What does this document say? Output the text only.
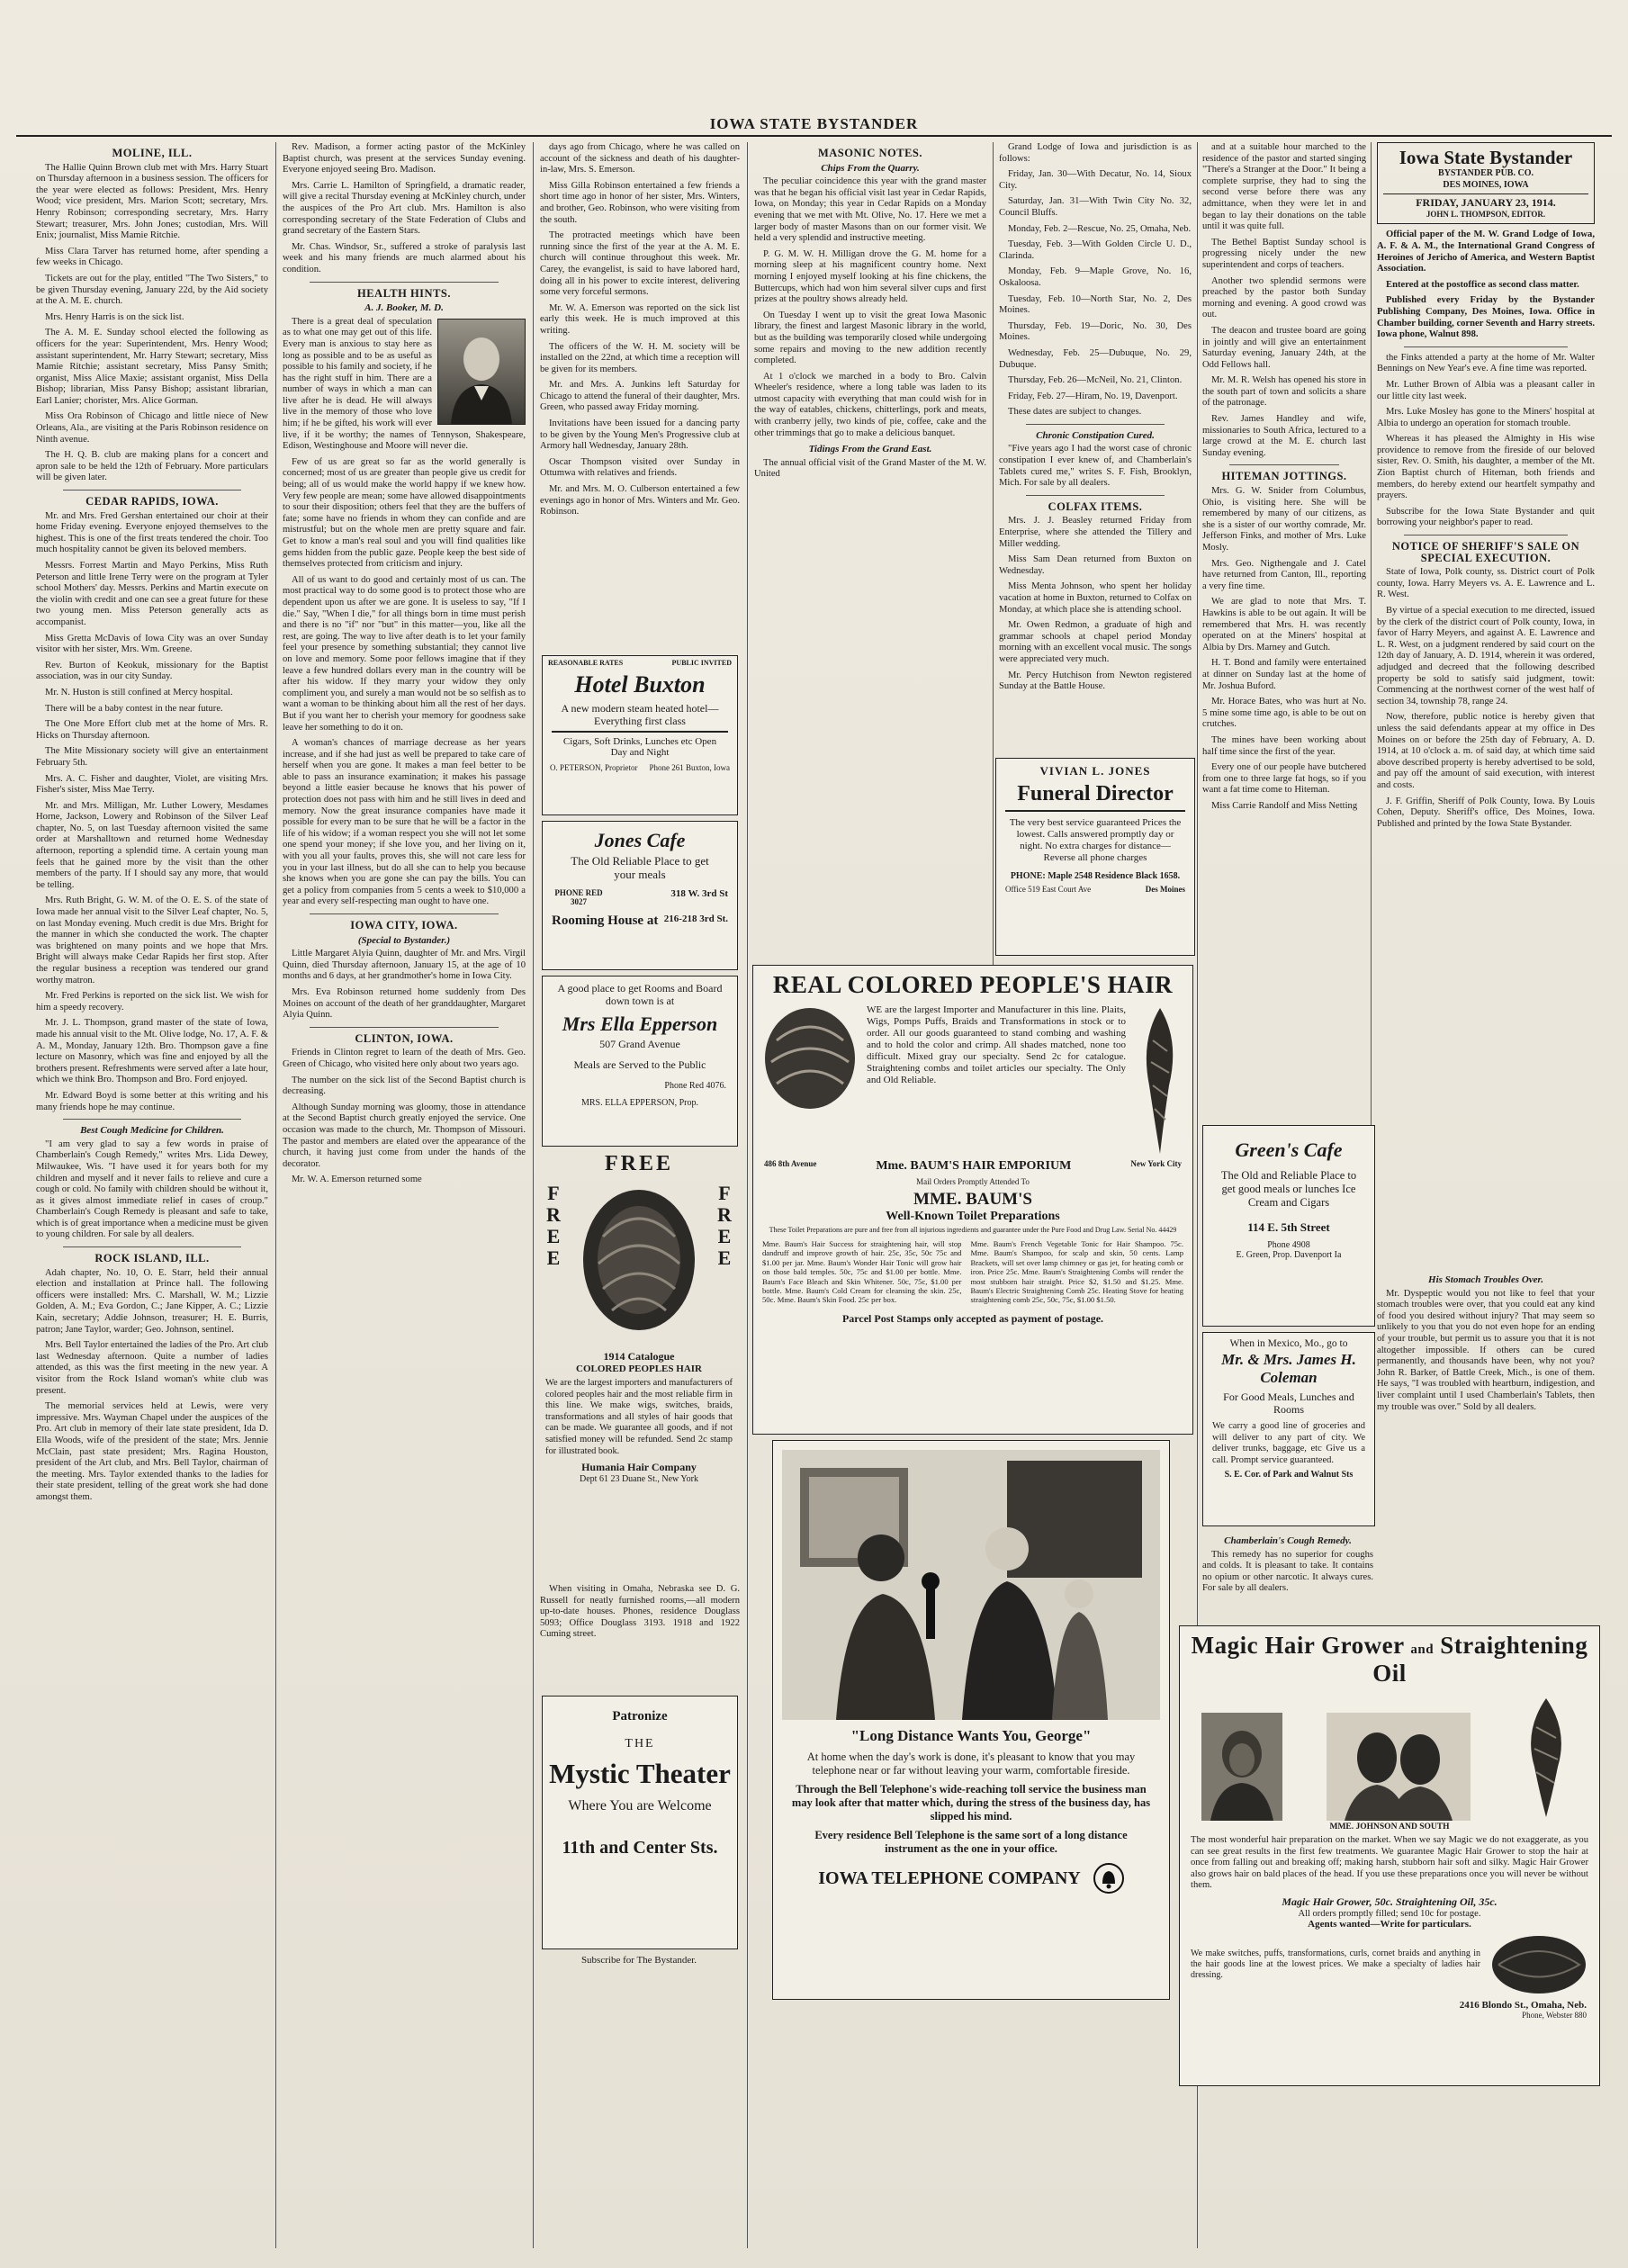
IOWA STATE BYSTANDER
MOLINE, ILL.

The Hallie Quinn Brown club met with Mrs. Harry Stuart on Thursday afternoon in a business session. The officers for the year were elected as follows: President, Mrs. Henry Wood; vice president, Mrs. Marion Scott; secretary, Mrs. Henry Robinson; corresponding secretary, Mrs. Harry Stewart; treasurer, Mrs. John Jones; custodian, Mrs. Will Enix; journalist, Miss Mamie Ritchie.

Miss Clara Tarver has returned home, after spending a few weeks in Chicago.

Tickets are out for the play, entitled "The Two Sisters," to be given Thursday evening, January 22d, by the Aid society at the A. M. E. church.

Mrs. Henry Harris is on the sick list.

The A. M. E. Sunday school elected the following as officers for the year: Superintendent, Mrs. Henry Wood; assistant superintendent, Mr. Harry Stewart; secretary, Miss Mamie Ritchie; assistant secretary, Miss Pansy Smith; organist, Miss Alice Maxie; assistant organist, Miss Della Bishop; librarian, Miss Pansy Bishop; assistant librarian, Earl Lanier; chorister, Mrs. Alice Gorman.

Miss Ora Robinson of Chicago and little niece of New Orleans, Ala., are visiting at the Paris Robinson residence on Ninth avenue.

The H. Q. B. club are making plans for a concert and apron sale to be held the 12th of February. More particulars will be given later.

CEDAR RAPIDS, IOWA.

Mr. and Mrs. Fred Gershan entertained our choir at their home Friday evening. Everyone enjoyed themselves to the highest. This is one of the first treats tendered the choir. Too much hospitality cannot be given its beloved members.

Messrs. Forrest Martin and Mayo Perkins, Miss Ruth Peterson and little Irene Terry were on the program at Tyler school Mothers' day. Messrs. Perkins and Martin execute on the violin with credit and one can see a great future for these two young men. Miss Peterson generally acts as accompanist.

Miss Gretta McDavis of Iowa City was an over Sunday visitor with her sister, Mrs. Wm. Greene.

Rev. Burton of Keokuk, missionary for the Baptist association, was in our city Sunday.

Mr. N. Huston is still confined at Mercy hospital.

There will be a baby contest in the near future.

The One More Effort club met at the home of Mrs. R. Hicks on Thursday afternoon.

The Mite Missionary society will give an entertainment February 5th.

Mrs. A. C. Fisher and daughter, Violet, are visiting Mrs. Fisher's sister, Miss Mae Terry.

Mr. and Mrs. Milligan, Mr. Luther Lowery, Mesdames Horne, Jackson, Lowery and Robinson of the Silver Leaf chapter, No. 5, on last Tuesday afternoon visited the same order at Marshalltown and returned home Wednesday afternoon, reporting a splendid time. A certain young man feels that he gained more by the visit than the other members of the party. If I should say any more, that would be telling.

Mrs. Ruth Bright, G. W. M. of the O. E. S. of the state of Iowa made her annual visit to the Silver Leaf chapter, No. 5, on last Monday evening. Much credit is due Mrs. Bright for the manner in which she conducted the work. The chapter was brightened on many points and we hope that Mrs. Bright will always make Cedar Rapids her first stop. After the regular business a reception was tendered our grand worthy matron.

Mr. Fred Perkins is reported on the sick list. We wish for him a speedy recovery.

Mr. J. L. Thompson, grand master of the state of Iowa, made his annual visit to the Mt. Olive lodge, No. 17, A. F. & A. M., Monday, January 12th. Bro. Thompson gave a fine lecture on Masonry, which was fine and enjoyed by all the brothers present. Refreshments were served after a late hour, which we think Bro. Thompson and Bro. Ford enjoyed.

Mr. Edward Boyd is some better at this writing and his many friends hope he may continue.

Best Cough Medicine for Children.

"I am very glad to say a few words in praise of Chamberlain's Cough Remedy," writes Mrs. Lida Dewey, Milwaukee, Wis. "I have used it for years both for my children and myself and it never fails to relieve and cure a cough or cold. No family with children should be without it, as it gives almost immediate relief in cases of croup." Chamberlain's Cough Remedy is pleasant and safe to take, which is of great importance when a medicine must be given to young children. For sale by all dealers.

ROCK ISLAND, ILL.

Adah chapter, No. 10, O. E. Starr, held their annual election and installation at Prince hall. The following officers were installed: Mrs. C. Marshall, W. M.; Lizzie Golden, A. M.; Eva Gordon, C.; Jane Kipper, A. C.; Lizzie Kain, secretary; Addie Johnson, treasurer; H. E. Burris, patron; Jane Taylor, warder; Geo. Johnson, sentinel.

Mrs. Bell Taylor entertained the ladies of the Pro. Art club last Wednesday afternoon. Quite a number of ladies attended, as this was the first meeting in the new year. A visitor from the Rock Island woman's white club was present.

The memorial services held at Lewis, were very impressive. Mrs. Wayman Chapel under the auspices of the Pro. Art club in memory of their late state president, Ida D. Ella Woods, wife of the president of the state; Mrs. Jennie McClain, past state president; Mrs. Ragina Houston, president of the Art club, and Mrs. Bell Taylor, chairman of the meeting. Mrs. Taylor extended thanks to the ladies for their state president, telling of the great work she had done amongst them.

Rev. Madison, a former acting pastor of the McKinley Baptist church, was present at the services Sunday evening. Everyone enjoyed seeing Bro. Madison.

Mrs. Carrie L. Hamilton of Springfield, a dramatic reader, will give a recital Thursday evening at McKinley church, under the auspices of the Pro Art club. Mrs. Hamilton is also corresponding secretary of the State Federation of Clubs and grand secretary of the Eastern Stars.

Mr. Chas. Windsor, Sr., suffered a stroke of paralysis last week and his many friends are much alarmed about his condition.

HEALTH HINTS.
A. J. Booker, M. D.

There is a great deal of speculation as to what one may get out of this life. Every man is anxious to stay here as long as possible and to be as useful as possible to his family and society, if he has the right stuff in him. There are a number of ways in which a man can live after he is dead. He will always live in the memory of those who love him; if he be gifted, his work will ever live, if it be worthy; the names of Tennyson, Shakespeare, Edison, Westinghouse and Moore will never die.

Few of us are great so far as the world generally is concerned; most of us are greater than people give us credit for being; all of us would make the world happy if we knew how. Very few people are mean; some have allowed disappointments to sour their disposition; others feel that they are the buffers of fate; some have no friends in whom they can confide and are mistrustful; but on the whole men are pretty square and fair. Get to know a man's real soul and you will find qualities like gems hidden from the public gaze. People keep the best side of themselves protected from criticism and injury.

All of us want to do good and certainly most of us can. The most practical way to do some good is to protect those who are dependent upon us after we are gone. It is useless to say, "If I die." Say, "When I die," for all things born in time must perish and there is no "if" nor "but" in this matter—you, like all the rest, are going. The way to live after death is to let your family feel your presence by something substantial; they cannot live on love and memory. Some poor fellows imagine that if they leave a few hundred dollars every man in the country will be after his widow. If they marry your widow they only compliment you, and surely a man would not be so selfish as to want a woman to be thinking about him all the rest of her days. But if you want her to cherish your memory for goodness sake leave her something to do it on.

A woman's chances of marriage decrease as her years increase, and if she had just as well be prepared to take care of herself when you are gone. It makes a man feel better to be able to pass an insurance examination; it makes his passage beyond a little easier because he knows that his power of protection does not pass with him and he still lives in deed and memory. Now the great insurance companies have made it possible for every man to be sure that he will be a factor in the life of his widow; if a woman respect you she will not let some one spend your money; if she love you, and her living on it, with you all your faults, proves this, she will not care less for you in your last illness, but do all she can to help you because she knows when you are gone she can pay the bills. You can get a policy from companies from 5 cents a week to $10,000 a year and every self-respecting man ought to have one.

IOWA CITY, IOWA.
(Special to Bystander.)

Little Margaret Alyia Quinn, daughter of Mr. and Mrs. Virgil Quinn, died Thursday afternoon, January 15, at the age of 10 months and 6 days, at her grandmother's home in Iowa City.

Mrs. Eva Robinson returned home suddenly from Des Moines on account of the death of her granddaughter, Margaret Alyia Quinn.

CLINTON, IOWA.

Friends in Clinton regret to learn of the death of Mrs. Geo. Green of Chicago, who visited here only about two years ago.

The number on the sick list of the Second Baptist church is decreasing.

Although Sunday morning was gloomy, those in attendance at the Second Baptist church greatly enjoyed the service. One occasion was made to the church, Mr. Thompson of Missouri. The pastor and members are elated over the appearance of the church, it having just come from under the hands of the decorator.

Mr. W. A. Emerson returned some

days ago from Chicago, where he was called on account of the sickness and death of his daughter-in-law, Mrs. S. Emerson.

Miss Gilla Robinson entertained a few friends a short time ago in honor of her sister, Mrs. Winters, and brother, Geo. Robinson, who were visiting from the south.

The protracted meetings which have been running since the first of the year at the A. M. E. church will continue throughout this week. Mr. Carey, the evangelist, is said to have labored hard, doing all in his power to excite interest, delivering some very forceful sermons.

Mr. W. A. Emerson was reported on the sick list early this week. He is much improved at this writing.

The officers of the W. H. M. society will be installed on the 22nd, at which time a reception will be given for its members.

Mr. and Mrs. A. Junkins left Saturday for Chicago to attend the funeral of their daughter, Mrs. Green, who passed away Friday morning.

Invitations have been issued for a dancing party to be given by the Young Men's Progressive club at Armory hall Wednesday, January 28th.

Oscar Thompson visited over Sunday in Ottumwa with relatives and friends.

Mr. and Mrs. M. O. Culberson entertained a few evenings ago in honor of Mrs. Winters and Mr. Geo. Robinson.

REASONABLE RATES	PUBLIC INVITED
Hotel Buxton
A new modern steam heated hotel—Everything first class
Cigars, Soft Drinks, Lunches etc Open Day and Night
O. PETERSON, Proprietor Phone 261 Buxton, Iowa
Jones Cafe
The Old Reliable Place to get your meals
PHONE RED 3027
318 W. 3rd St
Rooming House at 216-218 3rd St.
A good place to get Rooms and Board down town is at
Mrs Ella Epperson
507 Grand Avenue
Meals are Served to the Public
Phone Red 4076.
MRS. ELLA EPPERSON, Prop.
FREE
FREE
FREE
1914 Catalogue
COLORED PEOPLES HAIR
We are the largest importers and manufacturers of colored peoples hair and the most reliable firm in this line. We make wigs, switches, braids, transformations and all styles of hair goods that can be made. We guarantee all goods, and if not satisfied money will be refunded. Send 2c stamp for illustrated book.
Humania Hair Company
Dept 61 23 Duane St., New York

When visiting in Omaha, Nebraska see D. G. Russell for neatly furnished rooms,—all modern up-to-date houses. Phones, residence Douglass 5093; Office Douglass 3193. 1918 and 1922 Cuming street.

Patronize
THE
Mystic Theater
Where You are Welcome
11th and Center Sts.
Subscribe for The Bystander.
MASONIC NOTES.
Chips From the Quarry.

The peculiar coincidence this year with the grand master was that he began his official visit last year in Cedar Rapids, Iowa, on Monday; this year in Cedar Rapids on a Monday evening that we met with Mt. Olive, No. 17. Here we met a larger body of master Masons than on our former visit. We held a very splendid and instructive meeting.

P. G. M. W. H. Milligan drove the G. M. home for a morning sleep at his magnificent country home. Next morning I enjoyed myself looking at his fine chickens, the Buttercups, which had won him several silver cups and first prizes at the poultry shows already held.

On Tuesday I went up to visit the great Iowa Masonic library, the finest and largest Masonic library in the world, but as the building was temporarily closed while undergoing some repairs and moving to the new addition recently completed.

At 1 o'clock we marched in a body to Bro. Calvin Wheeler's residence, where a long table was laden to its utmost capacity with everything that man could wish for in the way of eatables, chickens, chitterlings, pork and meats, with cranberry jelly, two kinds of pie, coffee, cake and the other trimmings that go to make a delicious banquet.

Tidings From the Grand East.

The annual official visit of the Grand Master of the M. W. United

Grand Lodge of Iowa and jurisdiction is as follows:

Friday, Jan. 30—With Decatur, No. 14, Sioux City.

Saturday, Jan. 31—With Twin City No. 32, Council Bluffs.

Monday, Feb. 2—Rescue, No. 25, Omaha, Neb.

Tuesday, Feb. 3—With Golden Circle U. D., Clarinda.

Monday, Feb. 9—Maple Grove, No. 16, Oskaloosa.

Tuesday, Feb. 10—North Star, No. 2, Des Moines.

Thursday, Feb. 19—Doric, No. 30, Des Moines.

Wednesday, Feb. 25—Dubuque, No. 29, Dubuque.

Thursday, Feb. 26—McNeil, No. 21, Clinton.

Friday, Feb. 27—Hiram, No. 19, Davenport.

These dates are subject to changes.

Chronic Constipation Cured.

"Five years ago I had the worst case of chronic constipation I ever knew of, and Chamberlain's Tablets cured me," writes S. F. Fish, Brooklyn, Mich. For sale by all dealers.

COLFAX ITEMS.

Mrs. J. J. Beasley returned Friday from Enterprise, where she attended the Tillery and Miller wedding.

Miss Sam Dean returned from Buxton on Wednesday.

Miss Menta Johnson, who spent her holiday vacation at home in Buxton, returned to Colfax on Monday, at which place she is attending school.

Mr. Owen Redmon, a graduate of high and grammar schools at chapel period Monday morning with an excellent vocal music. The songs were appreciated very much.

Mr. Percy Hutchison from Newton registered Sunday at the Battle House.

VIVIAN L. JONES
Funeral Director
The very best service guaranteed Prices the lowest. Calls answered promptly day or night. No extra charges for distance—Reverse all phone charges
PHONE: Maple 2548 Residence Black 1658.
Office 519 East Court Ave	Des Moines
REAL COLORED PEOPLE'S HAIR
WE are the largest Importer and Manufacturer in this line. Plaits, Wigs, Pomps Puffs, Braids and Transformations in stock or to order. All our goods guaranteed to stand combing and washing and to hold the color and crimp. All shades matched, none too difficult. Mixed gray our specialty. Send 2c for catalogue. Straightening combs and toilet articles our specialty. The Only and Old Reliable.
486 8th Avenue	Mme. BAUM'S HAIR EMPORIUM	New York City
Mail Orders Promptly Attended To
MME. BAUM'S
Well-Known Toilet Preparations
These Toilet Preparations are pure and free from all injurious ingredients and guarantee under the Pure Food and Drug Law. Serial No. 44429
Mme. Baum's Hair Success for straightening hair, will stop dandruff and improve growth of hair. 25c, 35c, 50c 75c and $1.00 per jar. Mme. Baum's Wonder Hair Tonic will grow hair on those bald temples. 50c, 75c and $1.00 per bottle. Mme. Baum's Face Bleach and Skin Whitener. 50c, 75c, $1.00 per bottle. Mme. Baum's Cold Cream for cleansing the skin. 25c, 50c. Mme. Baum's Skin Food. 25c per box.
Mme. Baum's French Vegetable Tonic for Hair Shampoo. 75c. Mme. Baum's Shampoo, for scalp and skin, 50 cents. Lamp Brackets, will set over lamp chimney or gas jet, for heating comb or iron. Price 25c. Mme. Baum's Straightening Combs will render the most stubborn hair straight. Price $2, $1.50 and $1.25. Mme. Baum's Electric Straightening Comb 25c. Heating Stove for heating straightening comb 25c, 50c, 75c, $1.00 $1.50.
Parcel Post Stamps only accepted as payment of postage.
"Long Distance Wants You, George"
At home when the day's work is done, it's pleasant to know that you may telephone near or far without leaving your warm, comfortable fireside.
Through the Bell Telephone's wide-reaching toll service the business man may look after that matter which, during the stress of the business day, has slipped his mind.
Every residence Bell Telephone is the same sort of a long distance instrument as the one in your office.
IOWA TELEPHONE COMPANY

and at a suitable hour marched to the residence of the pastor and started singing "There's a Stranger at the Door." It being a complete surprise, they had to sing the second verse before there was any admittance, when they were let in and began to lay their donations on the table until it was quite full.

The Bethel Baptist Sunday school is progressing nicely under the new superintendent and corps of teachers.

Another two splendid sermons were preached by the pastor both Sunday morning and evening. A good crowd was out.

The deacon and trustee board are going in jointly and will give an entertainment Saturday evening, January 24th, at the Odd Fellows hall.

Mr. M. R. Welsh has opened his store in the south part of town and solicits a share of the patronage.

Rev. James Handley and wife, missionaries to South Africa, lectured to a large crowd at the M. E. church last Sunday evening.

HITEMAN JOTTINGS.

Mrs. G. W. Snider from Columbus, Ohio, is visiting here. She will be remembered by many of our citizens, as she is a sister of our worthy comrade, Mr. Jefferson Finks, and mother of Mrs. Luke Mosly.

Mrs. Geo. Nigthengale and J. Catel have returned from Canton, Ill., reporting a very fine time.

We are glad to note that Mrs. T. Hawkins is able to be out again. It will be remembered that Mrs. H. was recently operated on at the Miners' hospital at Albia by Drs. Marney and Gutch.

H. T. Bond and family were entertained at dinner on Sunday last at the home of Mr. Joshua Buford.

Mr. Horace Bates, who was hurt at No. 5 mine some time ago, is able to be out on crutches.

The mines have been working about half time since the first of the year.

Every one of our people have butchered from one to three large fat hogs, so if you want a fat time come to Hiteman.

Miss Carrie Randolf and Miss Netting

Iowa State Bystander
BYSTANDER PUB. CO.
DES MOINES, IOWA
FRIDAY, JANUARY 23, 1914.
JOHN L. THOMPSON, EDITOR.

Official paper of the M. W. Grand Lodge of Iowa, A. F. & A. M., the International Grand Congress of Heroines of Jericho of America, and Western Baptist Association.

Entered at the postoffice as second class matter.

Published every Friday by the Bystander Publishing Company, Des Moines, Iowa. Office in Chamber building, corner Seventh and Harry streets. Iowa phone, Walnut 898.

the Finks attended a party at the home of Mr. Walter Bennings on New Year's eve. A fine time was reported.

Mr. Luther Brown of Albia was a pleasant caller in our little city last week.

Mrs. Luke Mosley has gone to the Miners' hospital at Albia to undergo an operation for stomach trouble.

Whereas it has pleased the Almighty in His wise providence to remove from the fireside of our beloved sister, Rev. O. Smith, his daughter, a member of the Mt. Zion Baptist church of Hiteman, both friends and members, do hereby extend our heartfelt sympathy and prayers.

Subscribe for the Iowa State Bystander and quit borrowing your neighbor's paper to read.

NOTICE OF SHERIFF'S SALE ON SPECIAL EXECUTION.

State of Iowa, Polk county, ss. District court of Polk county, Iowa. Harry Meyers vs. A. E. Lawrence and L. R. West.

By virtue of a special execution to me directed, issued by the clerk of the district court of Polk county, Iowa, in favor of Harry Meyers, and against A. E. Lawrence and L. R. West, on a judgment rendered by said court on the 12th day of January, A. D. 1914, wherein it was ordered, adjudged and decreed that the following described property be sold to satisfy said judgment, towit: Commencing at the northwest corner of the west half of section 34, township 78, range 24.

Now, therefore, public notice is hereby given that unless the said defendants appear at my office in Des Moines on or before the 25th day of February, A. D. 1914, at 10 o'clock a. m. of said day, at which time said above described property is hereby advertised to be sold, and pay off the amount of said execution, with interest and costs.

J. F. Griffin, Sheriff of Polk County, Iowa. By Louis Cohen, Deputy. Sheriff's office, Des Moines, Iowa. Published and printed by the Iowa State Bystander.

Green's Cafe
The Old and Reliable Place to get good meals or lunches Ice Cream and Cigars
114 E. 5th Street
Phone 4908
E. Green, Prop. Davenport Ia
When in Mexico, Mo., go to
Mr. & Mrs. James H. Coleman
For Good Meals, Lunches and Rooms
We carry a good line of groceries and will deliver to any part of city. We deliver trunks, baggage, etc Give us a call. Prompt service guaranteed.
S. E. Cor. of Park and Walnut Sts
Chamberlain's Cough Remedy.

This remedy has no superior for coughs and colds. It is pleasant to take. It contains no opium or other narcotic. It always cures. For sale by all dealers.

His Stomach Troubles Over.

Mr. Dyspeptic would you not like to feel that your stomach troubles were over, that you could eat any kind of food you desired without injury? That may seem so unlikely to you that you do not even hope for an ending of your trouble, but permit us to assure you that it is not altogether impossible. If others can be cured permanently, and thousands have been, why not you? John R. Barker, of Battle Creek, Mich., is one of them. He says, "I was troubled with heartburn, indigestion, and liver complaint until I used Chamberlain's Tablets, then my trouble was over." Sold by all dealers.

Magic Hair Grower and Straightening Oil
MME. JOHNSON AND SOUTH
The most wonderful hair preparation on the market. When we say Magic we do not exaggerate, as you can see great results in the first few treatments. We guarantee Magic Hair Grower to stop the hair at once from falling out and breaking off; making harsh, stubborn hair soft and silky. Magic Hair Grower also grows hair on bald places of the head. If you use these preparations once you will never be without them.
Magic Hair Grower, 50c. Straightening Oil, 35c.
All orders promptly filled; send 10c for postage.
Agents wanted—Write for particulars.
We make switches, puffs, transformations, curls, cornet braids and anything in the hair goods line at the lowest prices. We make a specialty of ladies hair dressing.
2416 Blondo St., Omaha, Neb.
Phone, Webster 880
